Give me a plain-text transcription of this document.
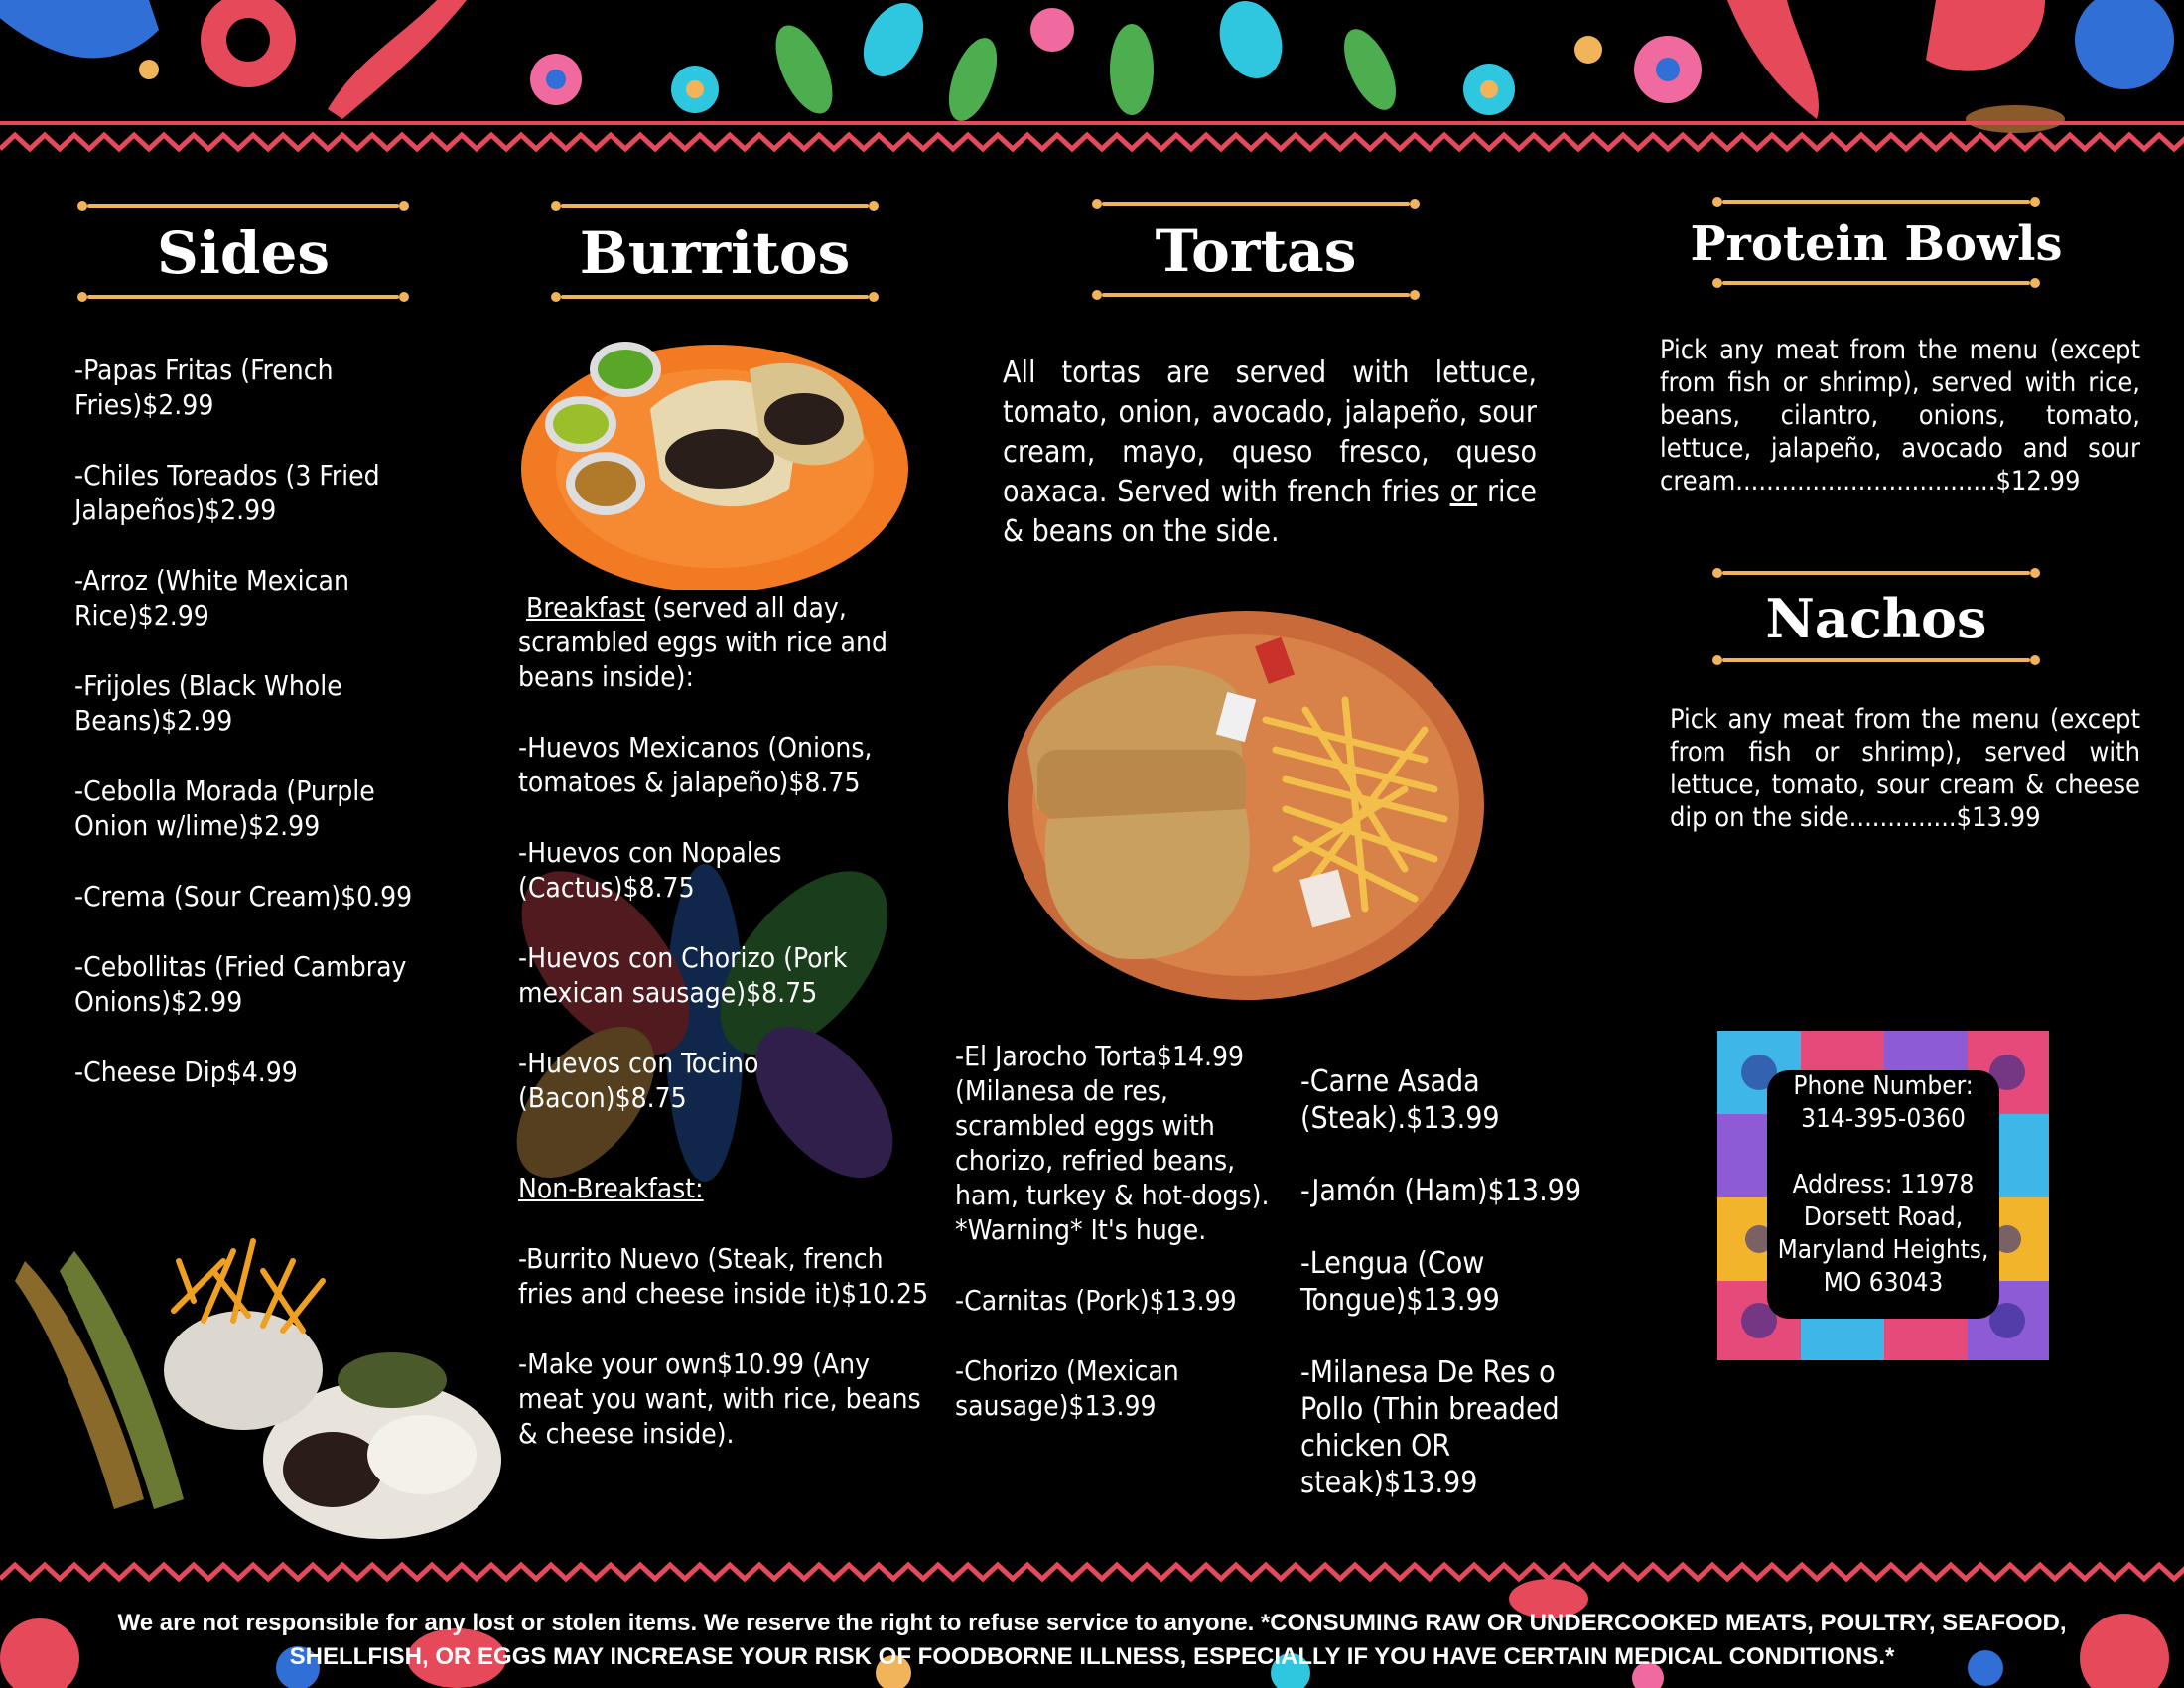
Sides

-Papas Fritas (French Fries)$2.99

-Chiles Toreados (3 Fried Jalapeños)$2.99

-Arroz (White Mexican Rice)$2.99

-Frijoles (Black Whole Beans)$2.99

-Cebolla Morada (Purple Onion w/lime)$2.99

-Crema (Sour Cream)$0.99

-Cebollitas (Fried Cambray Onions)$2.99

-Cheese Dip$4.99

Burritos

Breakfast (served all day, scrambled eggs with rice and beans inside):

-Huevos Mexicanos (Onions, tomatoes & jalapeño)$8.75

-Huevos con Nopales (Cactus)$8.75

-Huevos con Chorizo (Pork mexican sausage)$8.75

-Huevos con Tocino (Bacon)$8.75

Non-Breakfast:

-Burrito Nuevo (Steak, french fries and cheese inside it)$10.25

-Make your own$10.99 (Any meat you want, with rice, beans & cheese inside).

Tortas
All tortas are served with lettuce, tomato, onion, avocado, jalapeño, sour cream, mayo, queso fresco, queso oaxaca. Served with french fries or rice & beans on the side.

-El Jarocho Torta$14.99 (Milanesa de res, scrambled eggs with chorizo, refried beans, ham, turkey & hot-dogs). *Warning* It's huge.

-Carnitas (Pork)$13.99

-Chorizo (Mexican sausage)$13.99

-Carne Asada (Steak).$13.99

-Jamón (Ham)$13.99

-Lengua (Cow Tongue)$13.99

-Milanesa De Res o Pollo (Thin breaded chicken OR steak)$13.99

Protein Bowls
Pick any meat from the menu (except from fish or shrimp), served with rice, beans, cilantro, onions, tomato, lettuce, jalapeño, avocado and sour cream..................................$12.99
Nachos
Pick any meat from the menu (except from fish or shrimp), served with lettuce, tomato, sour cream & cheese dip on the side..............$13.99
Phone Number:
314-395-0360
Address: 11978
Dorsett Road,
Maryland Heights,
MO 63043
We are not responsible for any lost or stolen items. We reserve the right to refuse service to anyone. *CONSUMING RAW OR UNDERCOOKED MEATS, POULTRY, SEAFOOD,
SHELLFISH, OR EGGS MAY INCREASE YOUR RISK OF FOODBORNE ILLNESS, ESPECIALLY IF YOU HAVE CERTAIN MEDICAL CONDITIONS.*
